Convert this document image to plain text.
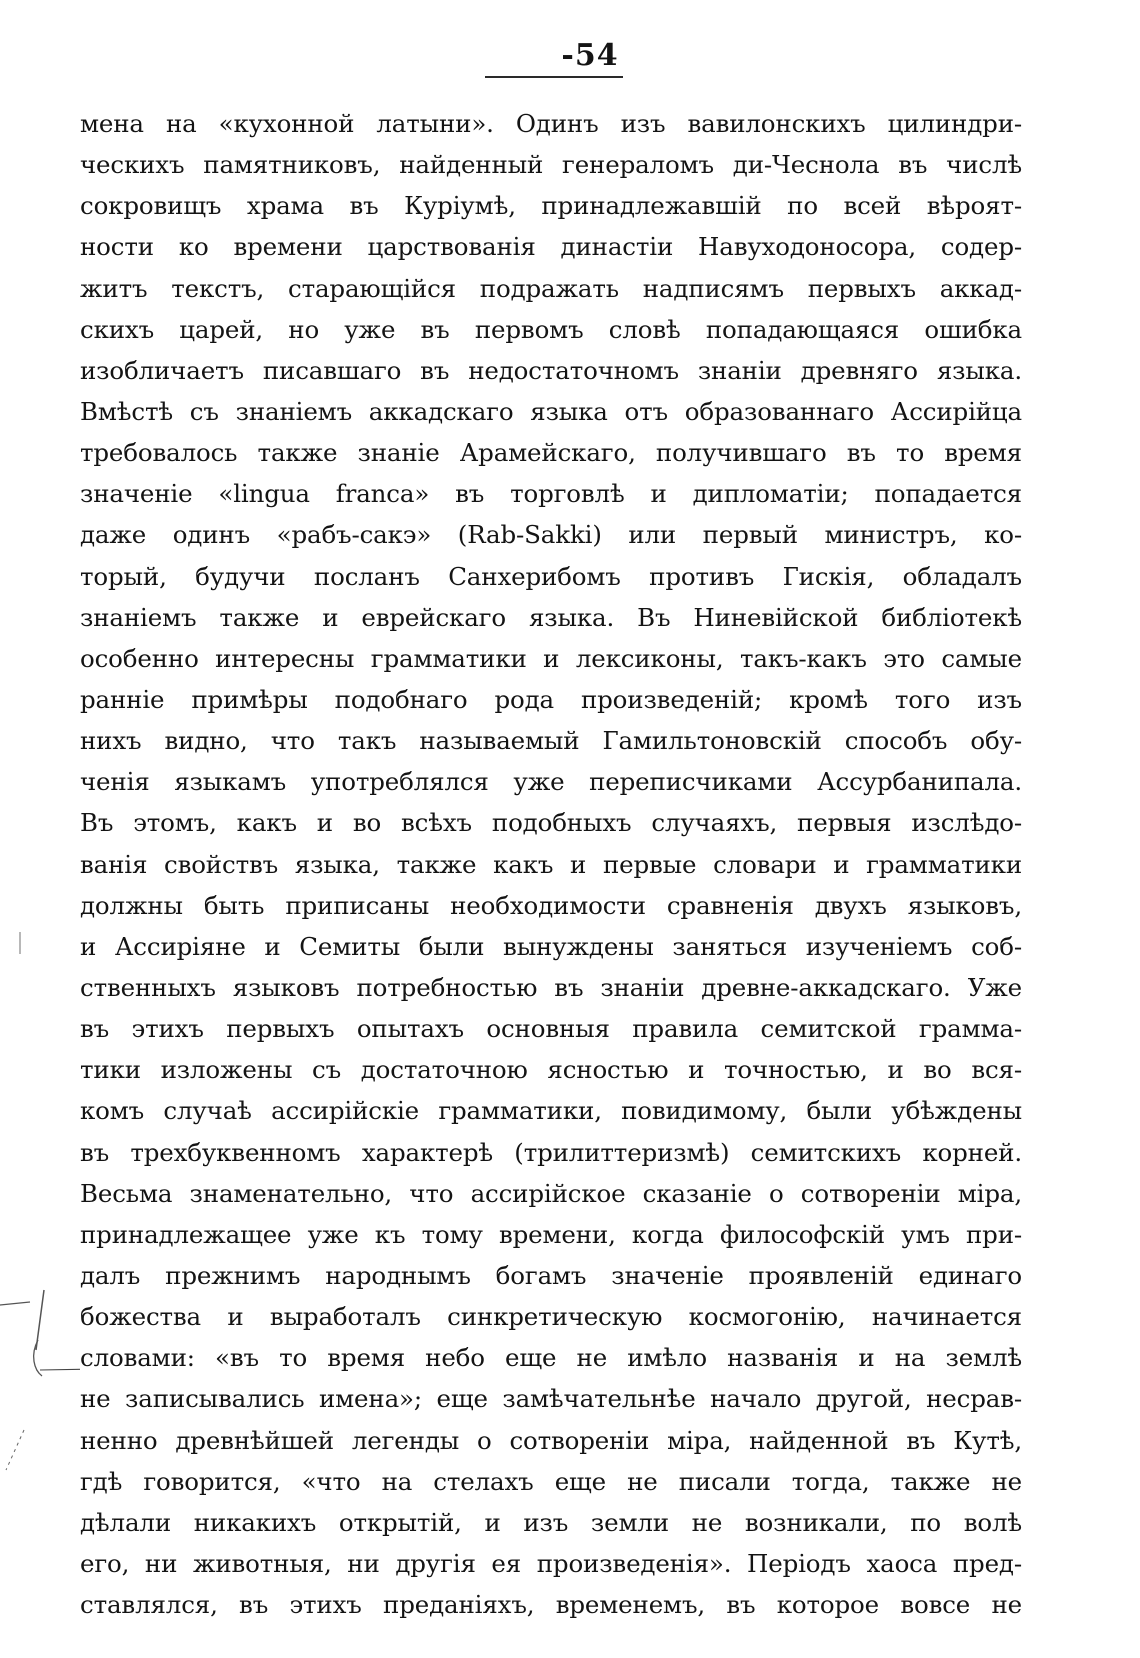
-54
мена на «кухонной латыни». Одинъ изъ вавилонскихъ цилиндри-
ческихъ памятниковъ, найденный генераломъ ди-Чеснола въ числѣ
сокровищъ храма въ Куріумѣ, принадлежавшій по всей вѣроят-
ности ко времени царствованія династіи Навуходоносора, содер-
житъ текстъ, старающійся подражать надписямъ первыхъ аккад-
скихъ царей, но уже въ первомъ словѣ попадающаяся ошибка
изобличаетъ писавшаго въ недостаточномъ знаніи древняго языка.
Вмѣстѣ съ знаніемъ аккадскаго языка отъ образованнаго Ассирійца
требовалось также знаніе Арамейскаго, получившаго въ то время
значеніе «lingua franca» въ торговлѣ и дипломатіи; попадается
даже одинъ «рабъ-сакэ» (Rab-Sakki) или первый министръ, ко-
торый, будучи посланъ Санхерибомъ противъ Гискія, обладалъ
знаніемъ также и еврейскаго языка. Въ Ниневійской библіотекѣ
особенно интересны грамматики и лексиконы, такъ-какъ это самые
ранніе примѣры подобнаго рода произведеній; кромѣ того изъ
нихъ видно, что такъ называемый Гамильтоновскій способъ обу-
ченія языкамъ употреблялся уже переписчиками Ассурбанипала.
Въ этомъ, какъ и во всѣхъ подобныхъ случаяхъ, первыя изслѣдо-
ванія свойствъ языка, также какъ и первые словари и грамматики
должны быть приписаны необходимости сравненія двухъ языковъ,
и Ассиріяне и Семиты были вынуждены заняться изученіемъ соб-
ственныхъ языковъ потребностью въ знаніи древне-аккадскаго. Уже
въ этихъ первыхъ опытахъ основныя правила семитской грамма-
тики изложены съ достаточною ясностью и точностью, и во вся-
комъ случаѣ ассирійскіе грамматики, повидимому, были убѣждены
въ трехбуквенномъ характерѣ (трилиттеризмѣ) семитскихъ корней.
Весьма знаменательно, что ассирійское сказаніе о сотвореніи міра,
принадлежащее уже къ тому времени, когда философскій умъ при-
далъ прежнимъ народнымъ богамъ значеніе проявленій единаго
божества и выработалъ синкретическую космогонію, начинается
словами: «въ то время небо еще не имѣло названія и на землѣ
не записывались имена»; еще замѣчательнѣе начало другой, несрав-
ненно древнѣйшей легенды о сотвореніи міра, найденной въ Кутѣ,
гдѣ говорится, «что на стелахъ еще не писали тогда, также не
дѣлали никакихъ открытій, и изъ земли не возникали, по волѣ
его, ни животныя, ни другія ея произведенія». Періодъ хаоса пред-
ставлялся, въ этихъ преданіяхъ, временемъ, въ которое вовсе не
